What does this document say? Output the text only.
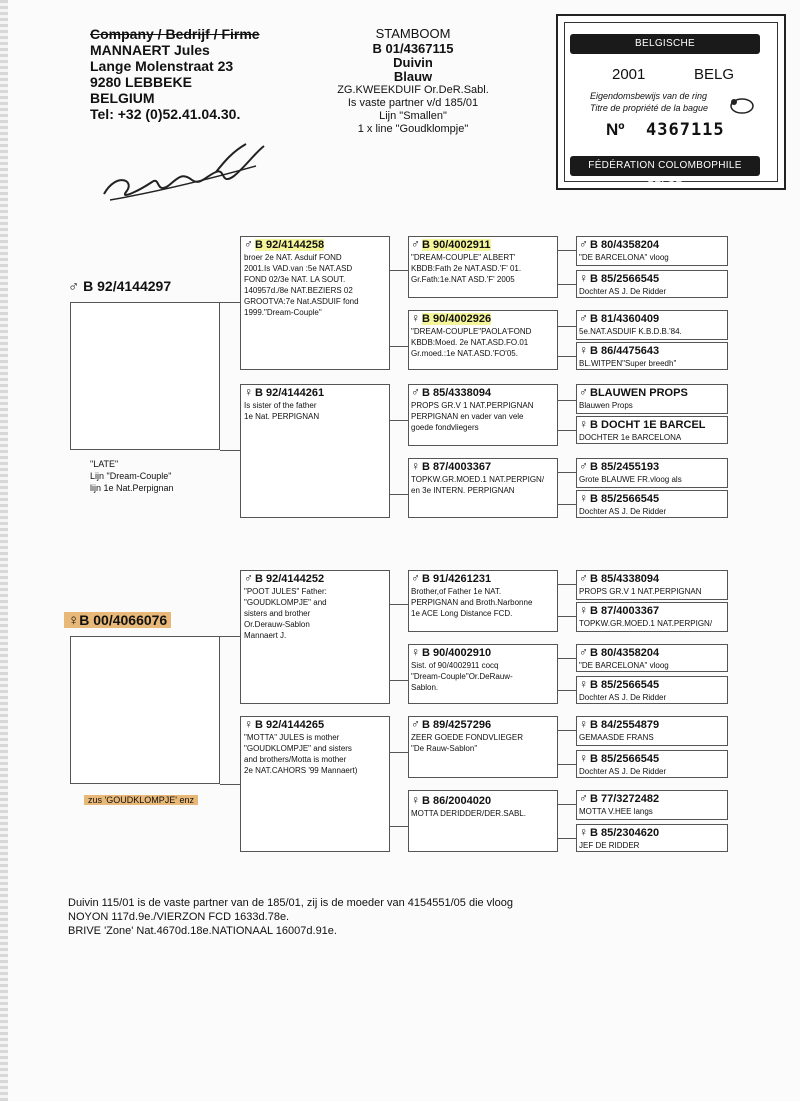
Company / Bedrijf / Firme
MANNAERT Jules
Lange Molenstraat 23
9280 LEBBEKE
BELGIUM
Tel: +32 (0)52.41.04.30.
STAMBOOM
B 01/4367115
Duivin
Blauw
ZG.KWEEKDUIF Or.DeR.Sabl.
Is vaste partner v/d 185/01
Lijn "Smallen"
1 x line "Goudklompje"
BELGISCHE DUIVENLIEFHEBBERSBOND
2001	BELG
Eigendomsbewijs van de ring
Titre de propriété de la bague
Nº 4367115
FÉDÉRATION COLOMBOPHILE BELGE
♂ B 92/4144297
"LATE"
Lijn "Dream-Couple"
lijn 1e Nat.Perpignan
♂ B 92/4144258
broer 2e NAT. Asduif FOND
2001.Is VAD.van :5e NAT.ASD
FOND 02/3e NAT. LA SOUT.
140957d./8e NAT.BEZIERS 02
GROOTVA:7e Nat.ASDUIF fond
1999."Dream-Couple"
♀ B 92/4144261
Is sister of the father
1e Nat. PERPIGNAN
♂ B 90/4002911
"DREAM-COUPLE" ALBERT'
KBDB:Fath 2e NAT.ASD.'F' 01.
Gr.Fath:1e.NAT ASD.'F' 2005
♀ B 90/4002926
"DREAM-COUPLE"PAOLA'FOND
KBDB:Moed. 2e NAT.ASD.FO.01
Gr.moed.:1e NAT.ASD.'FO'05.
♂ B 85/4338094
PROPS GR.V 1 NAT.PERPIGNAN
PERPIGNAN en vader van vele
goede fondvliegers
♀ B 87/4003367
TOPKW.GR.MOED.1 NAT.PERPIGN/
en 3e INTERN. PERPIGNAN
♂ B 80/4358204
"DE BARCELONA" vloog
♀ B 85/2566545
Dochter AS J. De Ridder
♂ B 81/4360409
5e.NAT.ASDUIF K.B.D.B.'84.
♀ B 86/4475643
BL.WITPEN"Super breedh"
♂ BLAUWEN PROPS
Blauwen Props
♀ B DOCHT 1E BARCEL
DOCHTER 1e BARCELONA
♂ B 85/2455193
Grote BLAUWE FR.vloog als
♀ B 85/2566545
Dochter AS J. De Ridder
♀B 00/4066076
zus 'GOUDKLOMPJE' enz
♂ B 92/4144252
"POOT JULES" Father:
"GOUDKLOMPJE" and
sisters and brother
Or.Derauw-Sablon
Mannaert J.
♀ B 92/4144265
"MOTTA" JULES is mother
"GOUDKLOMPJE" and sisters
and brothers/Motta is mother
2e NAT.CAHORS '99 Mannaert)
♂ B 91/4261231
Brother,of Father 1e NAT.
PERPIGNAN and Broth.Narbonne
1e ACE Long Distance FCD.
♀ B 90/4002910
Sist. of 90/4002911 cocq
"Dream-Couple"Or.DeRauw-
Sablon.
♂ B 89/4257296
ZEER GOEDE FONDVLIEGER
"De Rauw-Sablon"
♀ B 86/2004020
MOTTA DERIDDER/DER.SABL.
♂ B 85/4338094
PROPS GR.V 1 NAT.PERPIGNAN
♀ B 87/4003367
TOPKW.GR.MOED.1 NAT.PERPIGN/
♂ B 80/4358204
"DE BARCELONA" vloog
♀ B 85/2566545
Dochter AS J. De Ridder
♀ B 84/2554879
GEMAASDE FRANS
♀ B 85/2566545
Dochter AS J. De Ridder
♂ B 77/3272482
MOTTA V.HEE langs
♀ B 85/2304620
JEF DE RIDDER
Duivin 115/01 is de vaste partner van de 185/01, zij is de moeder van 4154551/05 die vloog
NOYON 117d.9e./VIERZON FCD 1633d.78e.
BRIVE 'Zone' Nat.4670d.18e.NATIONAAL 16007d.91e.
